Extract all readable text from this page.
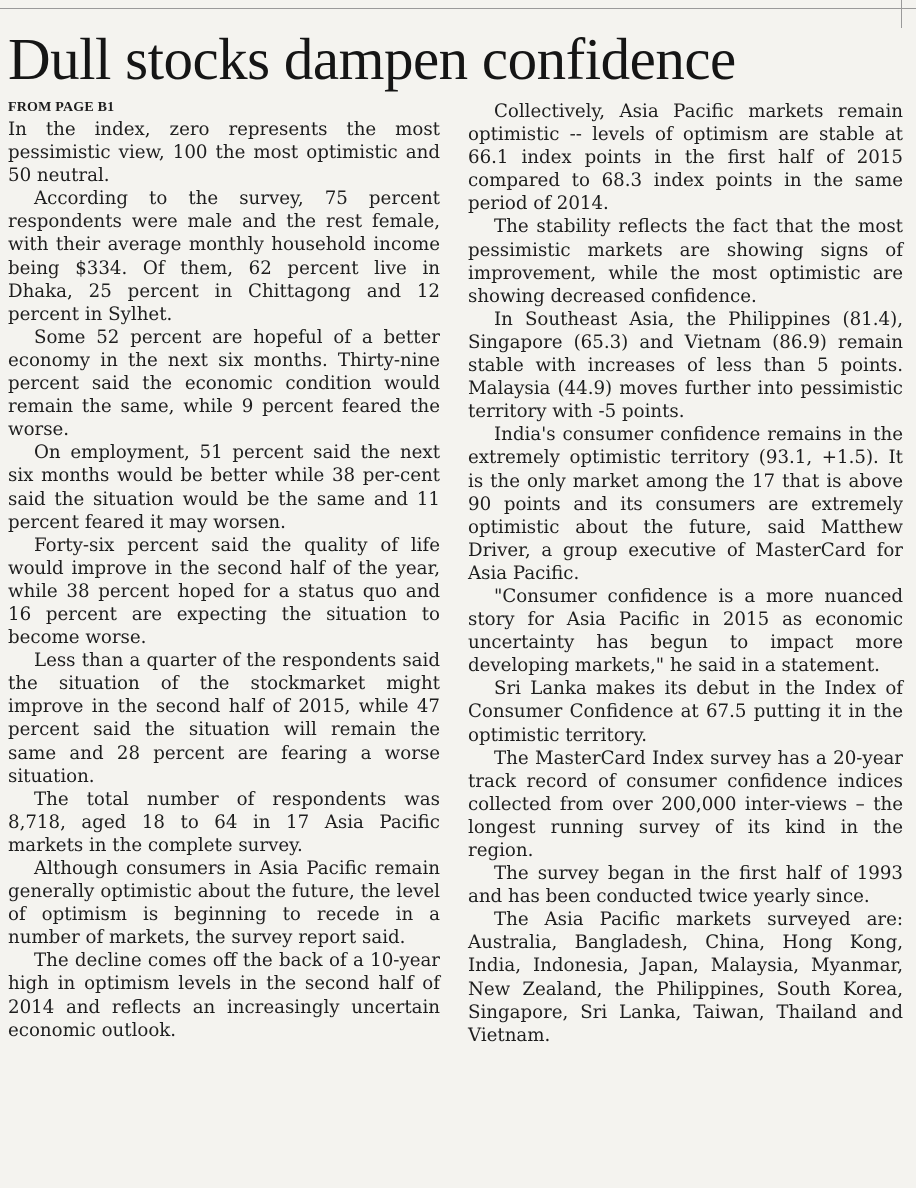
Dull stocks dampen confidence
FROM PAGE B1

In the index, zero represents the most pessimistic view, 100 the most optimistic and 50 neutral.

According to the survey, 75 percent respondents were male and the rest female, with their average monthly household income being $334. Of them, 62 percent live in Dhaka, 25 percent in Chittagong and 12 percent in Sylhet.

Some 52 percent are hopeful of a better economy in the next six months. Thirty-nine percent said the economic condition would remain the same, while 9 percent feared the worse.

On employment, 51 percent said the next six months would be better while 38 per-cent said the situation would be the same and 11 percent feared it may worsen.

Forty-six percent said the quality of life would improve in the second half of the year, while 38 percent hoped for a status quo and 16 percent are expecting the situation to become worse.

Less than a quarter of the respondents said the situation of the stockmarket might improve in the second half of 2015, while 47 percent said the situation will remain the same and 28 percent are fearing a worse situation.

The total number of respondents was 8,718, aged 18 to 64 in 17 Asia Pacific markets in the complete survey.

Although consumers in Asia Pacific remain generally optimistic about the future, the level of optimism is beginning to recede in a number of markets, the survey report said.

The decline comes off the back of a 10-year high in optimism levels in the second half of 2014 and reflects an increasingly uncertain economic outlook.

Collectively, Asia Pacific markets remain optimistic -- levels of optimism are stable at 66.1 index points in the first half of 2015 compared to 68.3 index points in the same period of 2014.

The stability reflects the fact that the most pessimistic markets are showing signs of improvement, while the most optimistic are showing decreased confidence.

In Southeast Asia, the Philippines (81.4), Singapore (65.3) and Vietnam (86.9) remain stable with increases of less than 5 points. Malaysia (44.9) moves further into pessimistic territory with -5 points.

India's consumer confidence remains in the extremely optimistic territory (93.1, +1.5). It is the only market among the 17 that is above 90 points and its consumers are extremely optimistic about the future, said Matthew Driver, a group executive of MasterCard for Asia Pacific.

"Consumer confidence is a more nuanced story for Asia Pacific in 2015 as economic uncertainty has begun to impact more developing markets," he said in a statement.

Sri Lanka makes its debut in the Index of Consumer Confidence at 67.5 putting it in the optimistic territory.

The MasterCard Index survey has a 20-year track record of consumer confidence indices collected from over 200,000 inter-views – the longest running survey of its kind in the region.

The survey began in the first half of 1993 and has been conducted twice yearly since.

The Asia Pacific markets surveyed are: Australia, Bangladesh, China, Hong Kong, India, Indonesia, Japan, Malaysia, Myanmar, New Zealand, the Philippines, South Korea, Singapore, Sri Lanka, Taiwan, Thailand and Vietnam.
